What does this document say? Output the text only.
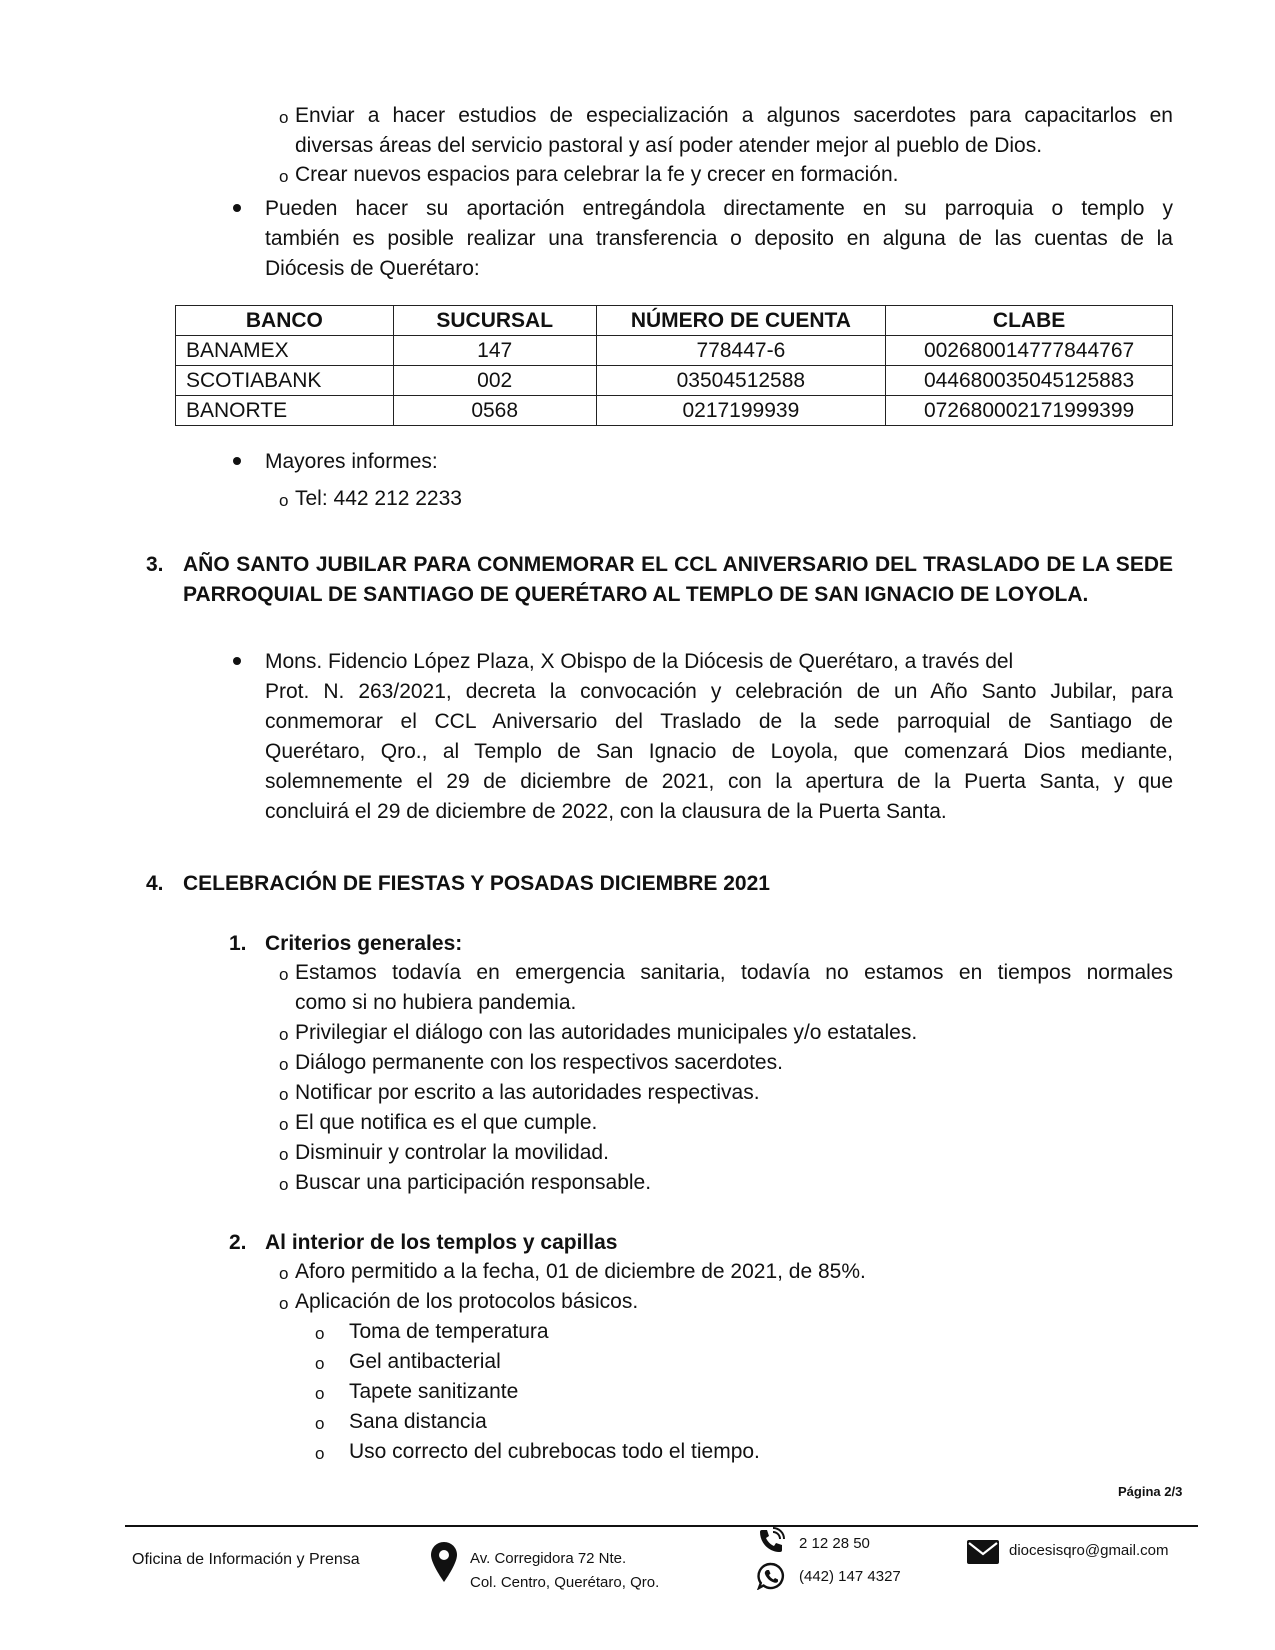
o Enviar a hacer estudios de especialización a algunos sacerdotes para capacitarlos en
diversas áreas del servicio pastoral y así poder atender mejor al pueblo de Dios.
o Crear nuevos espacios para celebrar la fe y crecer en formación.
Pueden hacer su aportación entregándola directamente en su parroquia o templo y
también es posible realizar una transferencia o deposito en alguna de las cuentas de la
Diócesis de Querétaro:
BANCO	SUCURSAL	NÚMERO DE CUENTA	CLABE
BANAMEX	147	778447-6	002680014777844767
SCOTIABANK	002	03504512588	044680035045125883
BANORTE	0568	0217199939	072680002171999399
Mayores informes:
o Tel: 442 212 2233
3. AÑO SANTO JUBILAR PARA CONMEMORAR EL CCL ANIVERSARIO DEL TRASLADO DE LA SEDE
PARROQUIAL DE SANTIAGO DE QUERÉTARO AL TEMPLO DE SAN IGNACIO DE LOYOLA.
Mons. Fidencio López Plaza, X Obispo de la Diócesis de Querétaro, a través del
Prot. N. 263/2021, decreta la convocación y celebración de un Año Santo Jubilar, para
conmemorar el CCL Aniversario del Traslado de la sede parroquial de Santiago de
Querétaro, Qro., al Templo de San Ignacio de Loyola, que comenzará Dios mediante,
solemnemente el 29 de diciembre de 2021, con la apertura de la Puerta Santa, y que
concluirá el 29 de diciembre de 2022, con la clausura de la Puerta Santa.
4. CELEBRACIÓN DE FIESTAS Y POSADAS DICIEMBRE 2021
1. Criterios generales:
o Estamos todavía en emergencia sanitaria, todavía no estamos en tiempos normales
como si no hubiera pandemia.
o Privilegiar el diálogo con las autoridades municipales y/o estatales.
o Diálogo permanente con los respectivos sacerdotes.
o Notificar por escrito a las autoridades respectivas.
o El que notifica es el que cumple.
o Disminuir y controlar la movilidad.
o Buscar una participación responsable.
2. Al interior de los templos y capillas
o Aforo permitido a la fecha, 01 de diciembre de 2021, de 85%.
o Aplicación de los protocolos básicos.
o Toma de temperatura
o Gel antibacterial
o Tapete sanitizante
o Sana distancia
o Uso correcto del cubrebocas todo el tiempo.
Página 2/3
Oficina de Información y Prensa	Av. Corregidora 72 Nte.
Col. Centro, Querétaro, Qro.
2 12 28 50
(442) 147 4327
diocesisqro@gmail.com
